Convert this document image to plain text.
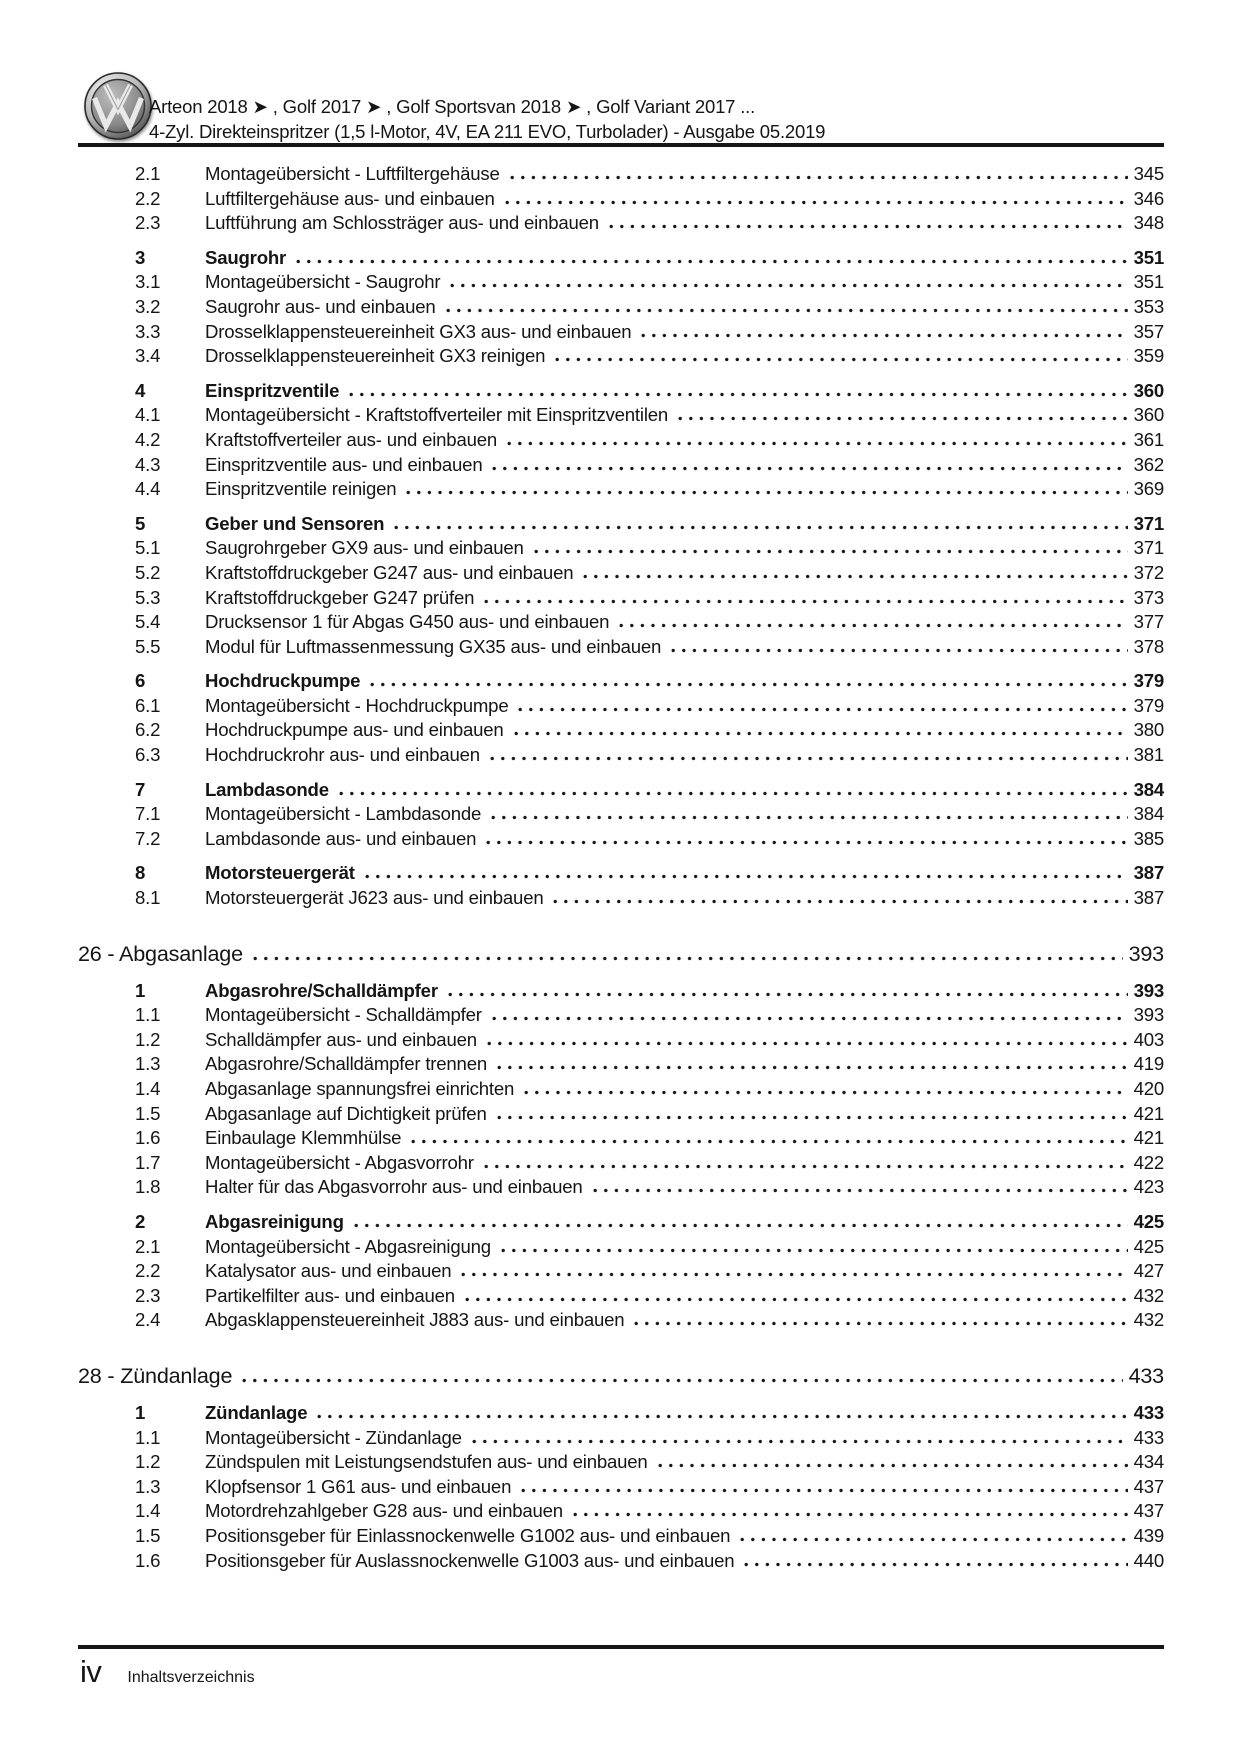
Arteon 2018 ➤ , Golf 2017 ➤ , Golf Sportsvan 2018 ➤ , Golf Variant 2017 ...
4-Zyl. Direkteinspritzer (1,5 l-Motor, 4V, EA 211 EVO, Turbolader) - Ausgabe 05.2019
2.1	Montageübersicht - Luftfiltergehäuse	345
2.2	Luftfiltergehäuse aus- und einbauen	346
2.3	Luftführung am Schlossträger aus- und einbauen	348
3	Saugrohr	351
3.1	Montageübersicht - Saugrohr	351
3.2	Saugrohr aus- und einbauen	353
3.3	Drosselklappensteuereinheit GX3 aus- und einbauen	357
3.4	Drosselklappensteuereinheit GX3 reinigen	359
4	Einspritzventile	360
4.1	Montageübersicht - Kraftstoffverteiler mit Einspritzventilen	360
4.2	Kraftstoffverteiler aus- und einbauen	361
4.3	Einspritzventile aus- und einbauen	362
4.4	Einspritzventile reinigen	369
5	Geber und Sensoren	371
5.1	Saugrohrgeber GX9 aus- und einbauen	371
5.2	Kraftstoffdruckgeber G247 aus- und einbauen	372
5.3	Kraftstoffdruckgeber G247 prüfen	373
5.4	Drucksensor 1 für Abgas G450 aus- und einbauen	377
5.5	Modul für Luftmassenmessung GX35 aus- und einbauen	378
6	Hochdruckpumpe	379
6.1	Montageübersicht - Hochdruckpumpe	379
6.2	Hochdruckpumpe aus- und einbauen	380
6.3	Hochdruckrohr aus- und einbauen	381
7	Lambdasonde	384
7.1	Montageübersicht - Lambdasonde	384
7.2	Lambdasonde aus- und einbauen	385
8	Motorsteuergerät	387
8.1	Motorsteuergerät J623 aus- und einbauen	387
26 - Abgasanlage	393
1	Abgasrohre/Schalldämpfer	393
1.1	Montageübersicht - Schalldämpfer	393
1.2	Schalldämpfer aus- und einbauen	403
1.3	Abgasrohre/Schalldämpfer trennen	419
1.4	Abgasanlage spannungsfrei einrichten	420
1.5	Abgasanlage auf Dichtigkeit prüfen	421
1.6	Einbaulage Klemmhülse	421
1.7	Montageübersicht - Abgasvorrohr	422
1.8	Halter für das Abgasvorrohr aus- und einbauen	423
2	Abgasreinigung	425
2.1	Montageübersicht - Abgasreinigung	425
2.2	Katalysator aus- und einbauen	427
2.3	Partikelfilter aus- und einbauen	432
2.4	Abgasklappensteuereinheit J883 aus- und einbauen	432
28 - Zündanlage	433
1	Zündanlage	433
1.1	Montageübersicht - Zündanlage	433
1.2	Zündspulen mit Leistungsendstufen aus- und einbauen	434
1.3	Klopfsensor 1 G61 aus- und einbauen	437
1.4	Motordrehzahlgeber G28 aus- und einbauen	437
1.5	Positionsgeber für Einlassnockenwelle G1002 aus- und einbauen	439
1.6	Positionsgeber für Auslassnockenwelle G1003 aus- und einbauen	440
iv Inhaltsverzeichnis
